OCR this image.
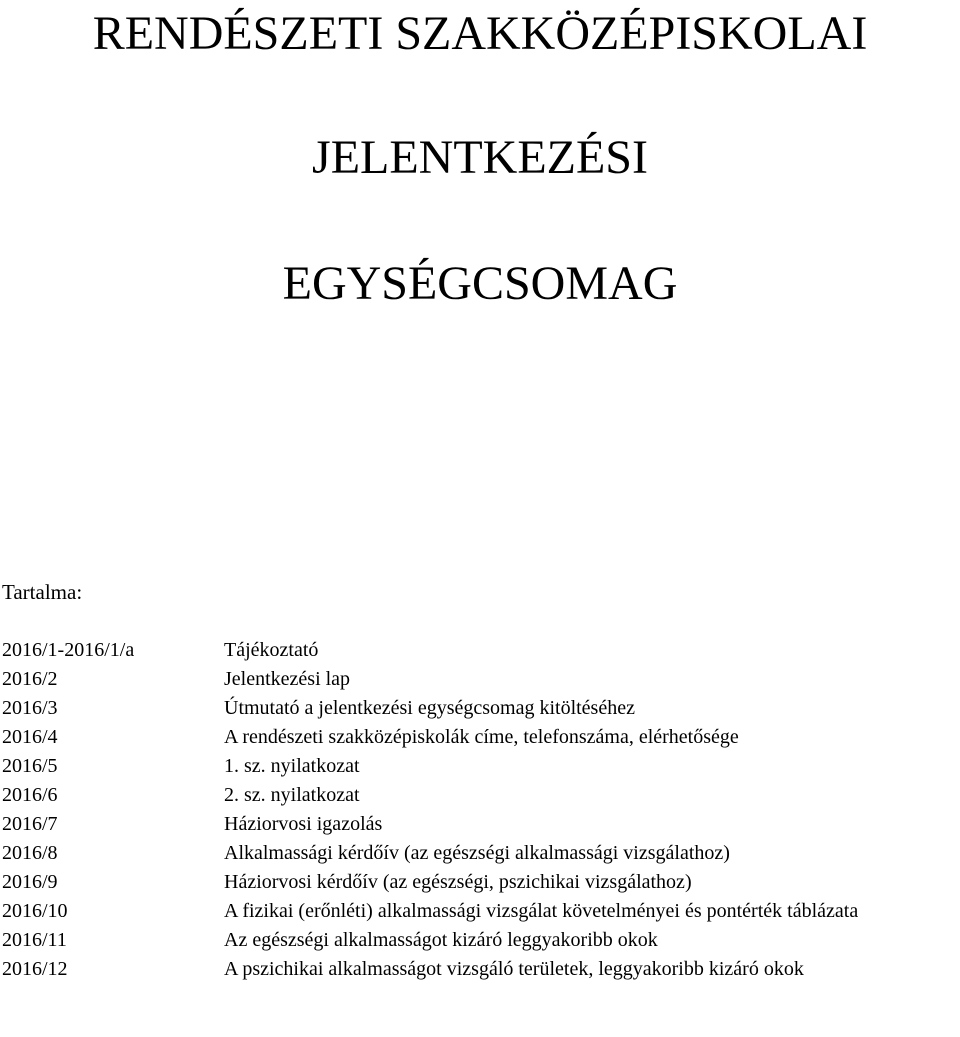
RENDÉSZETI SZAKKÖZÉPISKOLAI
JELENTKEZÉSI
EGYSÉGCSOMAG
Tartalma:
2016/1-2016/1/a	Tájékoztató
2016/2	Jelentkezési lap
2016/3	Útmutató a jelentkezési egységcsomag kitöltéséhez
2016/4	A rendészeti szakközépiskolák címe, telefonszáma, elérhetősége
2016/5	1. sz. nyilatkozat
2016/6	2. sz. nyilatkozat
2016/7	Háziorvosi igazolás
2016/8	Alkalmassági kérdőív (az egészségi alkalmassági vizsgálathoz)
2016/9	Háziorvosi kérdőív (az egészségi, pszichikai vizsgálathoz)
2016/10	A fizikai (erőnléti) alkalmassági vizsgálat követelményei és pontérték táblázata
2016/11	Az egészségi alkalmasságot kizáró leggyakoribb okok
2016/12	A pszichikai alkalmasságot vizsgáló területek, leggyakoribb kizáró okok
